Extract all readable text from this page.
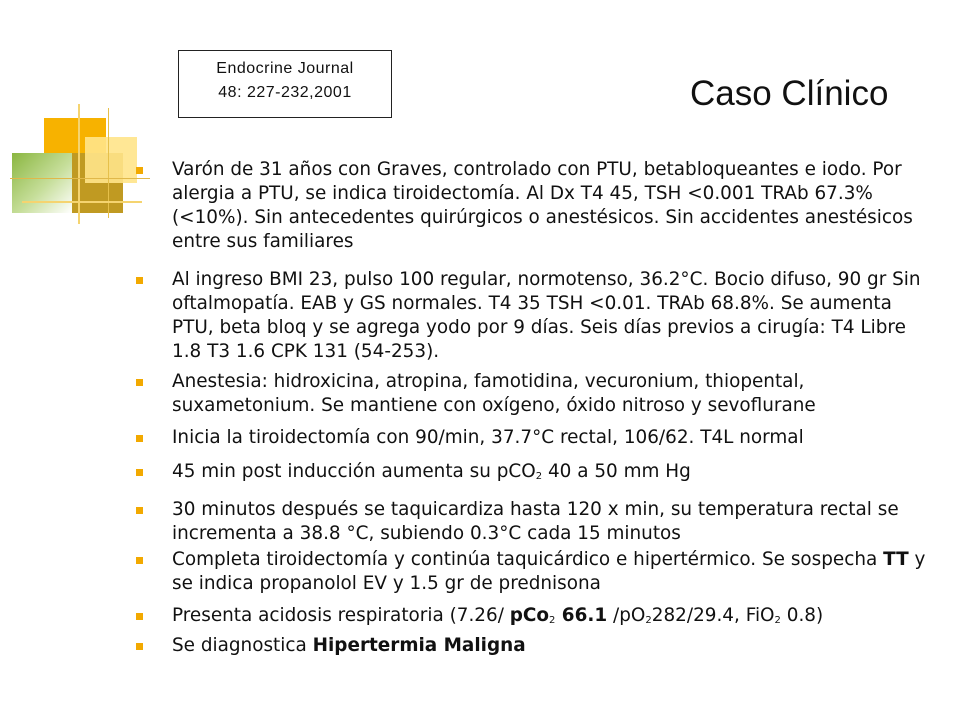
Endocrine Journal
48: 227-232,2001	Caso Clínico
Varón de 31 años con Graves, controlado con PTU, betabloqueantes e iodo. Por alergia a PTU, se indica tiroidectomía. Al Dx T4 45, TSH <0.001 TRAb 67.3% (<10%). Sin antecedentes quirúrgicos o anestésicos. Sin accidentes anestésicos entre sus familiares
Al ingreso BMI 23, pulso 100 regular, normotenso, 36.2°C. Bocio difuso, 90 gr Sin oftalmopatía. EAB y GS normales. T4 35 TSH <0.01. TRAb 68.8%. Se aumenta PTU, beta bloq y se agrega yodo por 9 días. Seis días previos a cirugía: T4 Libre 1.8 T3 1.6 CPK 131 (54-253).
Anestesia: hidroxicina, atropina, famotidina, vecuronium, thiopental, suxametonium. Se mantiene con oxígeno, óxido nitroso y sevoflurane
Inicia la tiroidectomía con 90/min, 37.7°C rectal, 106/62. T4L normal
45 min post inducción aumenta su pCO$_2$ 40 a 50 mm Hg
30 minutos después se taquicardiza hasta 120 x min, su temperatura rectal se incrementa a 38.8 °C, subiendo 0.3°C cada 15 minutos
Completa tiroidectomía y continúa taquicárdico e hipertérmico. Se sospecha TT y se indica propanolol EV y 1.5 gr de prednisona
Presenta acidosis respiratoria (7.26/ pCo$_2$ 66.1 $/pO_2282/29.4$, FiO$_2$ 0.8)
Se diagnostica Hipertermia Maligna
